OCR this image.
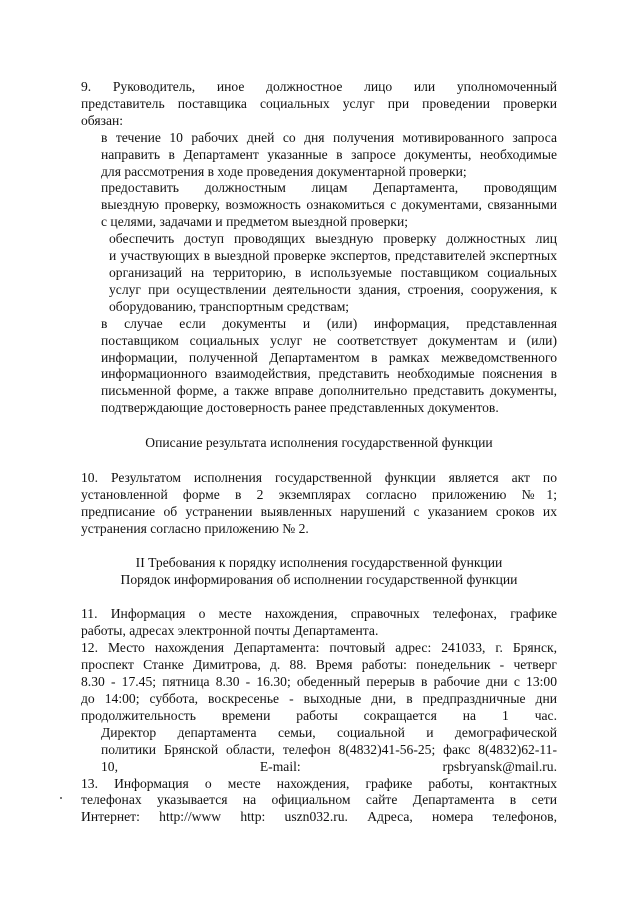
9. Руководитель, иное должностное лицо или уполномоченный
представитель поставщика социальных услуг при проведении проверки
обязан:

в течение 10 рабочих дней со дня получения мотивированного запроса
направить в Департамент указанные в запросе документы, необходимые
для рассмотрения в ходе проведения документарной проверки;

предоставить должностным лицам Департамента, проводящим
выездную проверку, возможность ознакомиться с документами, связанными
с целями, задачами и предметом выездной проверки;

обеспечить доступ проводящих выездную проверку должностных лиц
и участвующих в выездной проверке экспертов, представителей экспертных
организаций на территорию, в используемые поставщиком социальных
услуг при осуществлении деятельности здания, строения, сооружения, к
оборудованию, транспортным средствам;

в случае если документы и (или) информация, представленная
поставщиком социальных услуг не соответствует документам и (или)
информации, полученной Департаментом в рамках межведомственного
информационного взаимодействия, представить необходимые пояснения в
письменной форме, а также вправе дополнительно представить документы,
подтверждающие достоверность ранее представленных документов.

Описание результата исполнения государственной функции

10. Результатом исполнения государственной функции является акт по
установленной форме в 2 экземплярах согласно приложению №1;
предписание об устранении выявленных нарушений с указанием сроков их
устранения согласно приложению № 2.

II Требования к порядку исполнения государственной функции
Порядок информирования об исполнении государственной функции

11. Информация о месте нахождения, справочных телефонах, графике
работы, адресах электронной почты Департамента.

12. Место нахождения Департамента: почтовый адрес: 241033, г. Брянск,
проспект Станке Димитрова, д. 88. Время работы: понедельник - четверг
8.30 - 17.45; пятница 8.30 - 16.30; обеденный перерыв в рабочие дни с 13:00
до 14:00; суббота, воскресенье - выходные дни, в предпраздничные дни
продолжительность времени работы сокращается на 1 час.

Директор департамента семьи, социальной и демографической
политики Брянской области, телефон 8(4832)41-56-25; факс 8(4832)62-11-
10, E-mail: rpsbryansk@mail.ru.

13. Информация о месте нахождения, графике работы, контактных
телефонах указывается на официальном сайте Департамента в сети
Интернет: http://www http: uszn032.ru. Адреса, номера телефонов,
